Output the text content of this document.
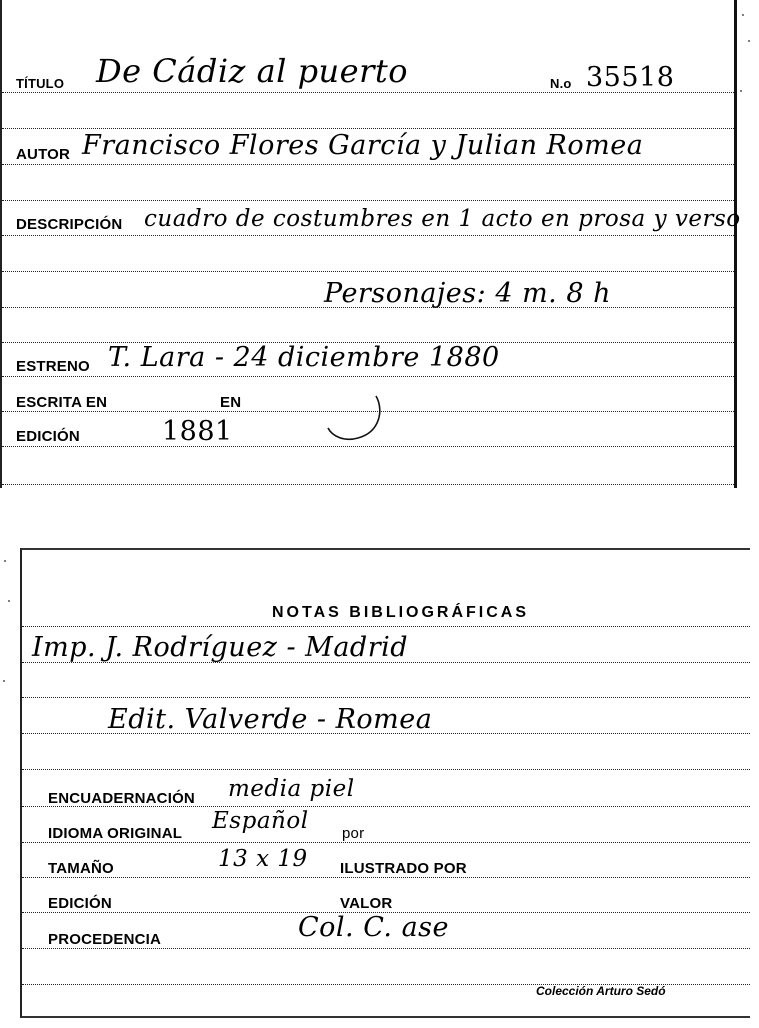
TÍTULO De Cádiz al puerto	N.o 35518
AUTOR Francisco Flores García y Julian Romea
DESCRIPCIÓN cuadro de costumbres en 1 acto en prosa y verso
Personajes: 4 m. 8 h
ESTRENO T. Lara - 24 diciembre 1880
ESCRITA EN	EN
EDICIÓN	1881
NOTAS BIBLIOGRÁFICAS
Imp. J. Rodríguez - Madrid
Edit. Valverde - Romea
ENCUADERNACIÓN media piel
IDIOMA ORIGINAL Español por
TAMAÑO	13 x 19 ILUSTRADO POR
EDICIÓN	VALOR
PROCEDENCIA	Col. C. ase
Colección Arturo Sedó
